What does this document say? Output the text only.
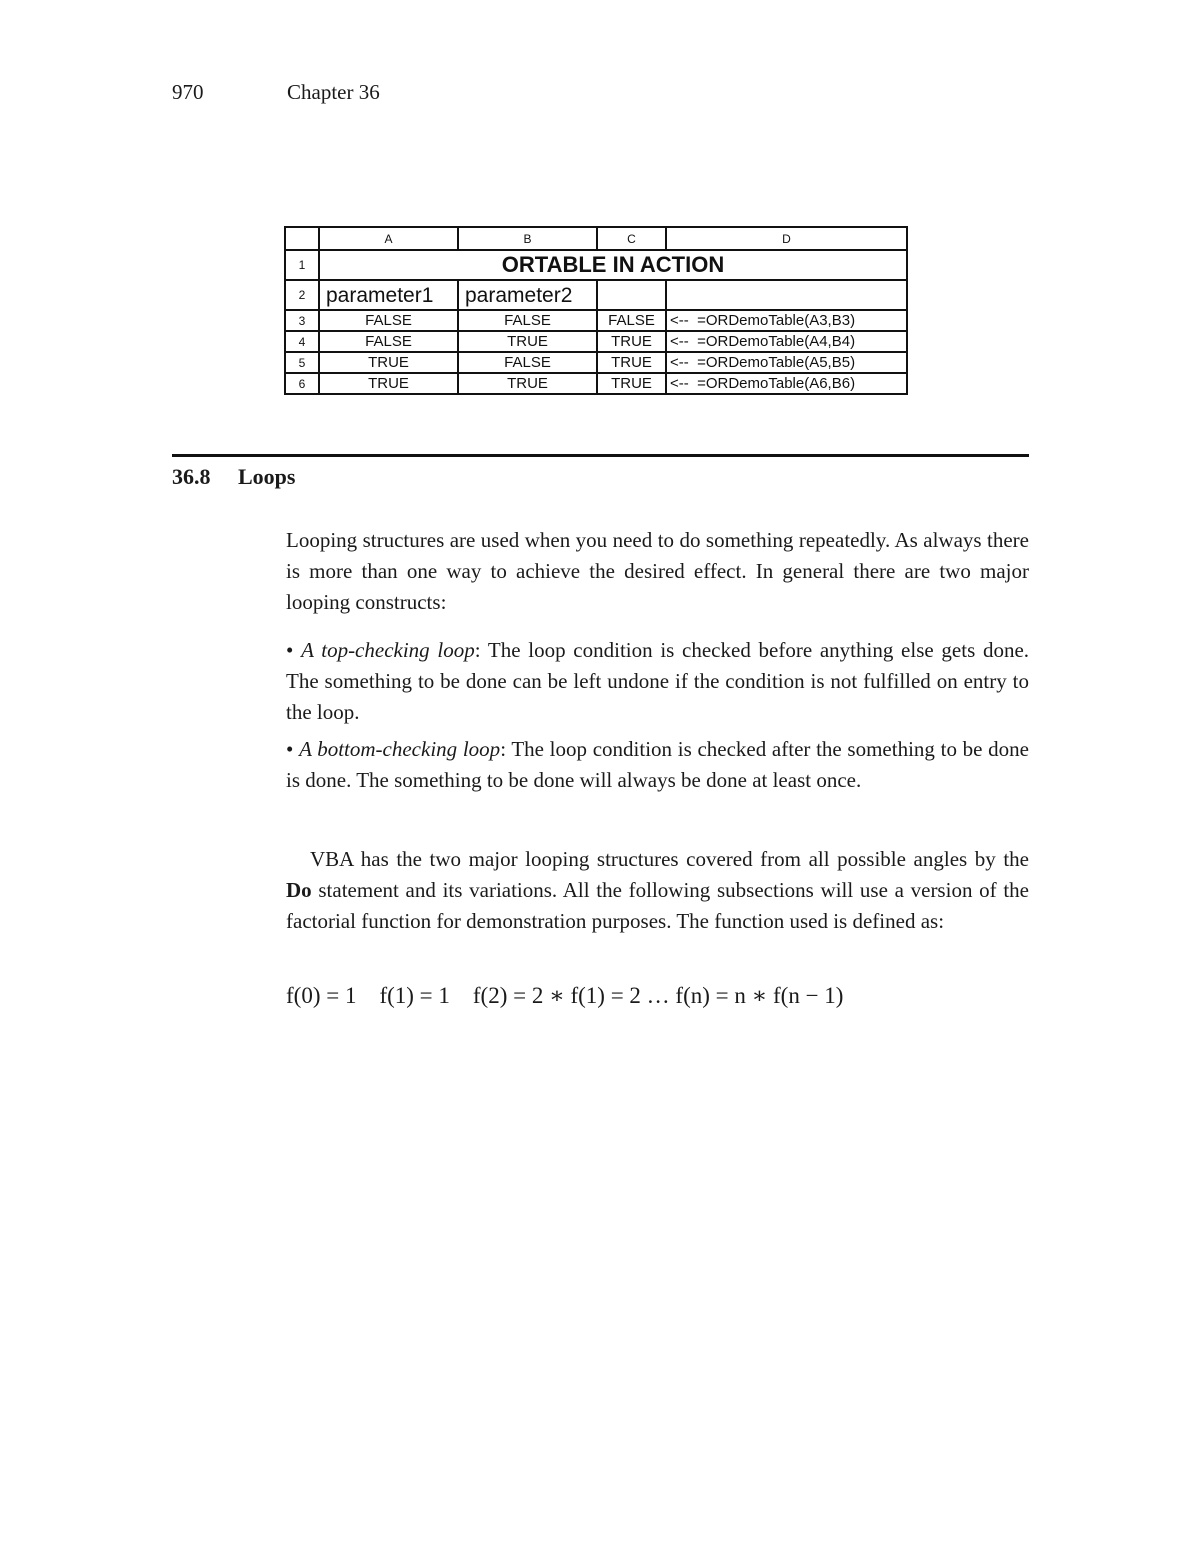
970	Chapter 36
	A	B	C	D
1	ORTABLE IN ACTION			
2	parameter1	parameter2		
3	FALSE	FALSE	FALSE	<--  =ORDemoTable(A3,B3)
4	FALSE	TRUE	TRUE	<--  =ORDemoTable(A4,B4)
5	TRUE	FALSE	TRUE	<--  =ORDemoTable(A5,B5)
6	TRUE	TRUE	TRUE	<--  =ORDemoTable(A6,B6)
36.8 Loops

Looping structures are used when you need to do something repeatedly. As always there is more than one way to achieve the desired effect. In general there are two major looping constructs:

• A top-checking loop: The loop condition is checked before anything else gets done. The something to be done can be left undone if the condition is not fulfilled on entry to the loop.

• A bottom-checking loop: The loop condition is checked after the something to be done is done. The something to be done will always be done at least once.

VBA has the two major looping structures covered from all possible angles by the Do statement and its variations. All the following subsections will use a version of the factorial function for demonstration purposes. The function used is defined as:

f(0) = 1    f(1) = 1    f(2) = 2 ∗ f(1) = 2 … f(n) = n ∗ f(n − 1)
